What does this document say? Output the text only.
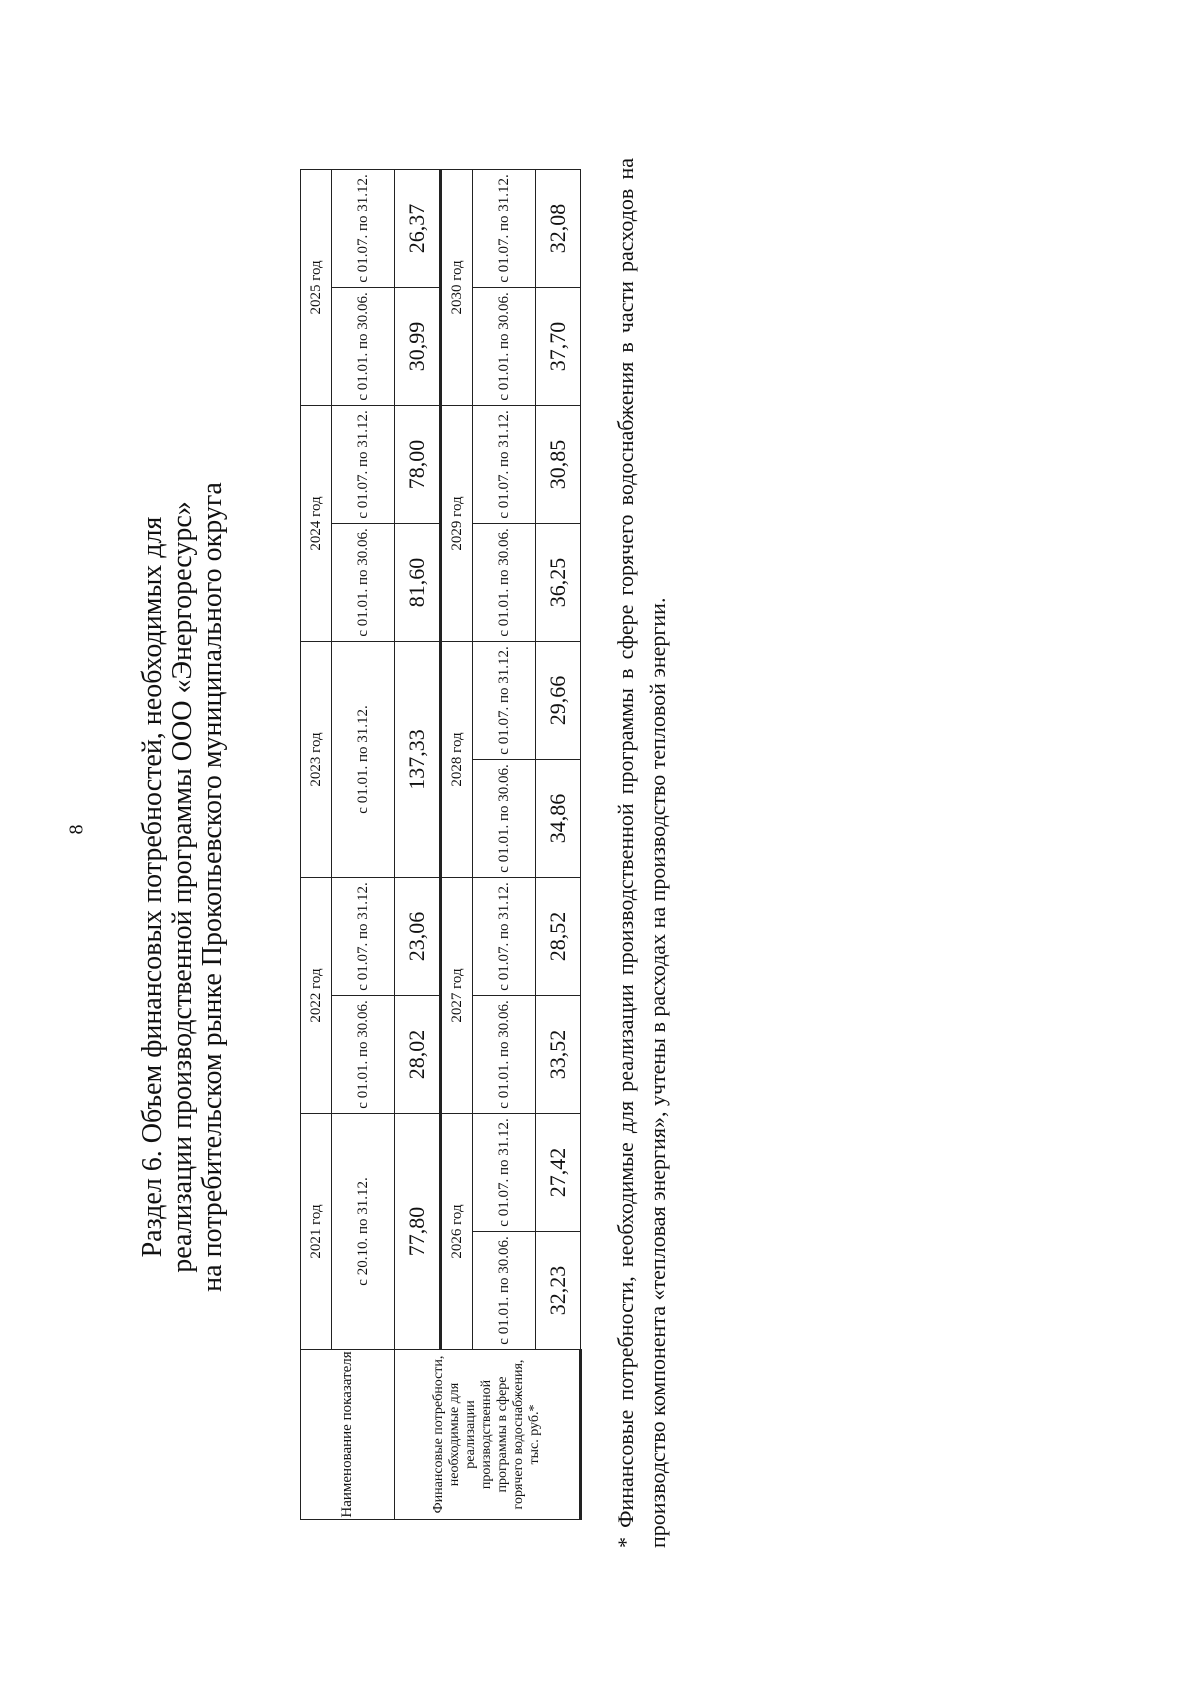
8 Раздел 6. Объем финансовых потребностей, необходимых для реализации производственной программы ООО «Энергоресурс» на потребительском рынке Прокопьевского муниципального округа
Наименование показателя	2021 год		2022 год		2023 год		2024 год		2025 год	
	с 20.10. по 31.12.		с 01.01. по 30.06.	с 01.07. по 31.12.	с 01.01. по 31.12.		с 01.01. по 30.06.	с 01.07. по 31.12.	с 01.01. по 30.06.	с 01.07. по 31.12.
Финансовые потребности, необходимые для реализации производственной программы в сфере горячего водоснабжения, тыс. руб.*	77,80		28,02	23,06	137,33		81,60	78,00	30,99	26,37
	2026 год		2027 год		2028 год		2029 год		2030 год	
	с 01.01. по 30.06.	с 01.07. по 31.12.	с 01.01. по 30.06.	с 01.07. по 31.12.	с 01.01. по 30.06.	с 01.07. по 31.12.	с 01.01. по 30.06.	с 01.07. по 31.12.	с 01.01. по 30.06.	с 01.07. по 31.12.
	32,23	27,42	33,52	28,52	34,86	29,66	36,25	30,85	37,70	32,08 * Финансовые потребности, необходимые для реализации производственной программы в сфере горячего водоснабжения в части расходов на производство компонента «тепловая энергия», учтены в расходах на производство тепловой энергии.
